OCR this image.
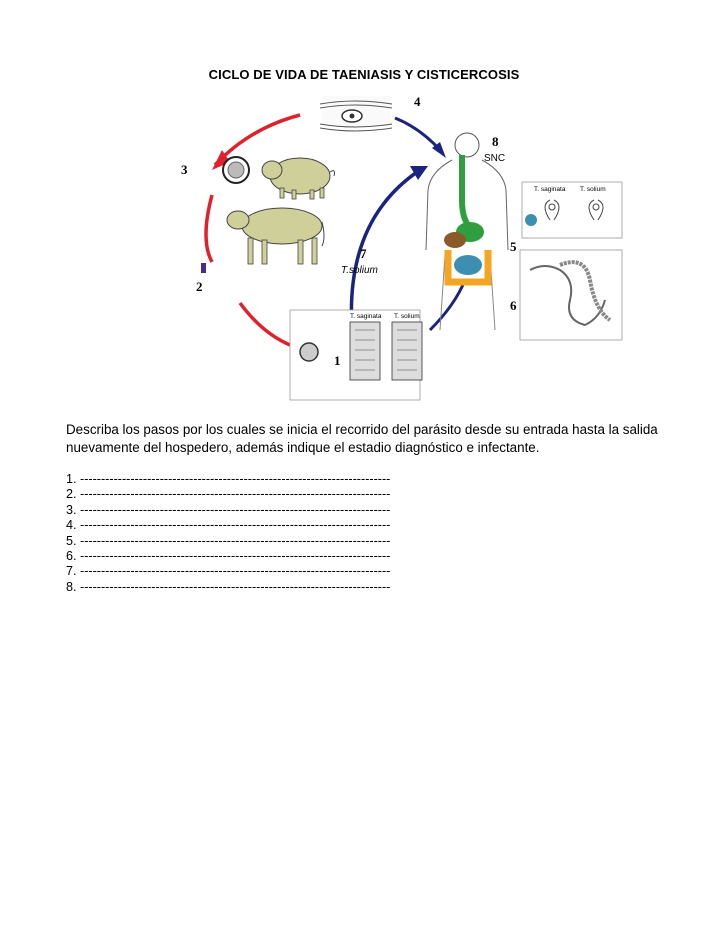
CICLO DE VIDA DE TAENIASIS Y CISTICERCOSIS
T. saginata T. solium
T. saginata T. solium
4
8
SNC
3
5
7
T.solium
2
6
1
Describa los pasos por los cuales se inicia el recorrido del parásito desde su entrada hasta la salida nuevamente del hospedero, además indique el estadio diagnóstico e infectante.
1. --------------------------------------------------------------------------
2. --------------------------------------------------------------------------
3. --------------------------------------------------------------------------
4. --------------------------------------------------------------------------
5. --------------------------------------------------------------------------
6. --------------------------------------------------------------------------
7. --------------------------------------------------------------------------
8. --------------------------------------------------------------------------
